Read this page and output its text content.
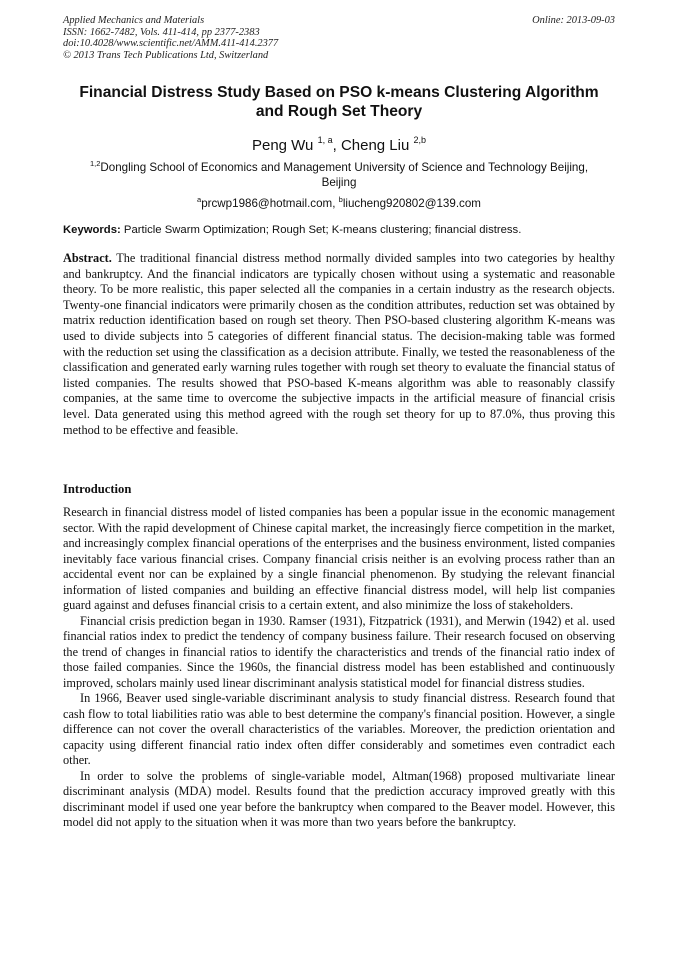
Applied Mechanics and Materials
ISSN: 1662-7482, Vols. 411-414, pp 2377-2383
doi:10.4028/www.scientific.net/AMM.411-414.2377
© 2013 Trans Tech Publications Ltd, Switzerland
Online: 2013-09-03
Financial Distress Study Based on PSO k-means Clustering Algorithm
and Rough Set Theory
Peng Wu $^{1, a}$, Cheng Liu $^{2,b}$
$^{1,2}$Dongling School of Economics and Management University of Science and Technology Beijing,
Beijing
$^a$prcwp1986@hotmail.com, $^b$liucheng920802@139.com
Keywords: Particle Swarm Optimization; Rough Set; K-means clustering; financial distress.
Abstract. The traditional financial distress method normally divided samples into two categories by healthy and bankruptcy. And the financial indicators are typically chosen without using a systematic and reasonable theory. To be more realistic, this paper selected all the companies in a certain industry as the research objects. Twenty-one financial indicators were primarily chosen as the condition attributes, reduction set was obtained by matrix reduction identification based on rough set theory. Then PSO-based clustering algorithm K-means was used to divide subjects into 5 categories of different financial status. The decision-making table was formed with the reduction set using the classification as a decision attribute. Finally, we tested the reasonableness of the classification and generated early warning rules together with rough set theory to evaluate the financial status of listed companies. The results showed that PSO-based K-means algorithm was able to reasonably classify companies, at the same time to overcome the subjective impacts in the artificial measure of financial crisis level. Data generated using this method agreed with the rough set theory for up to 87.0%, thus proving this method to be effective and feasible.
Introduction

Research in financial distress model of listed companies has been a popular issue in the economic management sector. With the rapid development of Chinese capital market, the increasingly fierce competition in the market, and increasingly complex financial operations of the enterprises and the business environment, listed companies inevitably face various financial crises. Company financial crisis neither is an evolving process rather than an accidental event nor can be explained by a single financial phenomenon. By studying the relevant financial information of listed companies and building an effective financial distress model, will help list companies guard against and defuses financial crisis to a certain extent, and also minimize the loss of stakeholders.

Financial crisis prediction began in 1930. Ramser (1931), Fitzpatrick (1931), and Merwin (1942) et al. used financial ratios index to predict the tendency of company business failure. Their research focused on observing the trend of changes in financial ratios to identify the characteristics and trends of the financial ratio index of those failed companies. Since the 1960s, the financial distress model has been established and continuously improved, scholars mainly used linear discriminant analysis statistical model for financial distress studies.

In 1966, Beaver used single-variable discriminant analysis to study financial distress. Research found that cash flow to total liabilities ratio was able to best determine the company's financial position. However, a single difference can not cover the overall characteristics of the variables. Moreover, the prediction orientation and capacity using different financial ratio index often differ considerably and sometimes even contradict each other.

In order to solve the problems of single-variable model, Altman(1968) proposed multivariate linear discriminant analysis (MDA) model. Results found that the prediction accuracy improved greatly with this discriminant model if used one year before the bankruptcy when compared to the Beaver model. However, this model did not apply to the situation when it was more than two years before the bankruptcy.
